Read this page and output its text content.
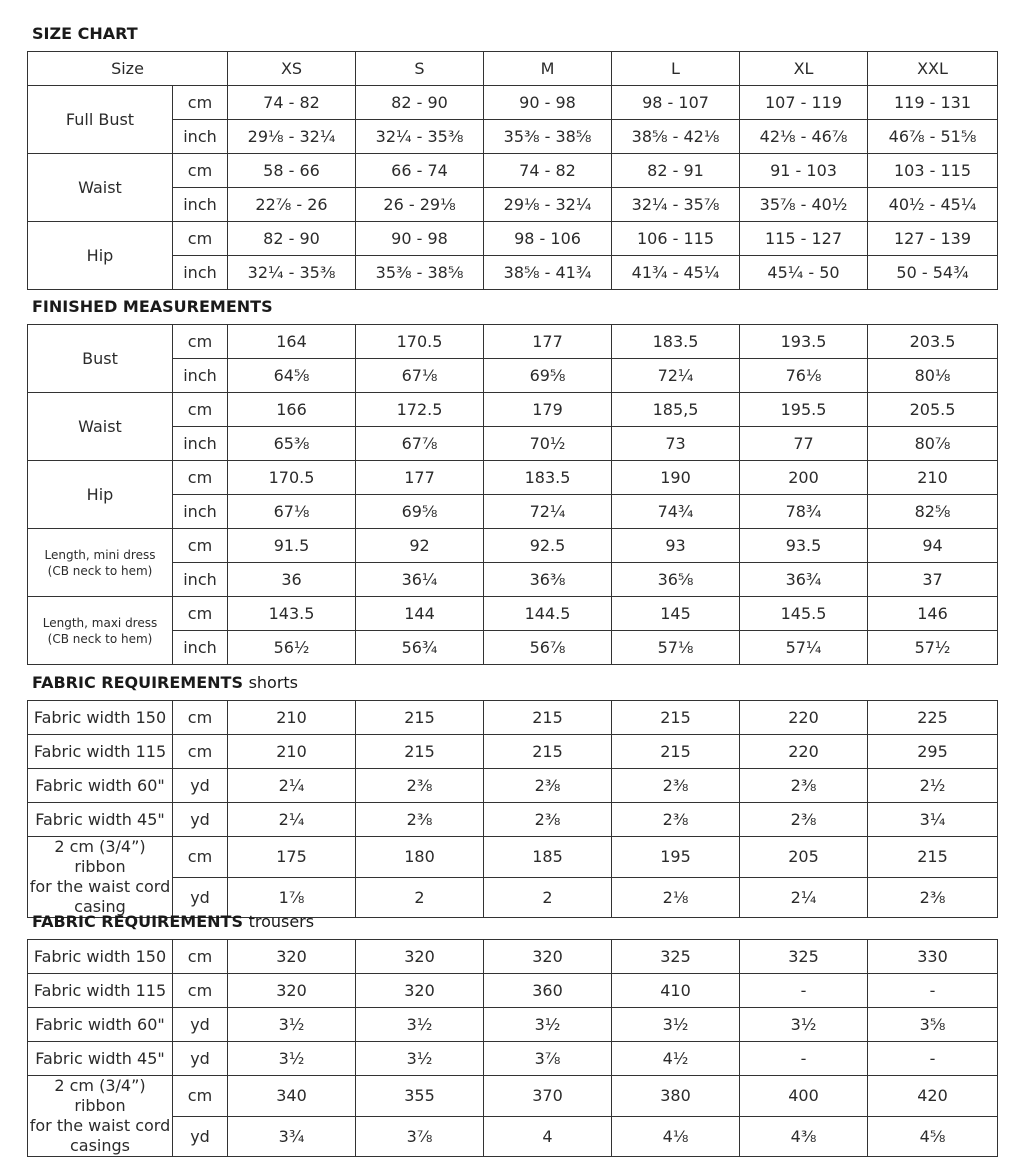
SIZE CHART
Size		XS	S	M	L	XL	XXL
Full Bust	cm	74 - 82	82 - 90	90 - 98	98 - 107	107 - 119	119 - 131
	inch	29⅛ - 32¼	32¼ - 35⅜	35⅜ - 38⅝	38⅝ - 42⅛	42⅛ - 46⅞	46⅞ - 51⅝
Waist	cm	58 - 66	66 - 74	74 - 82	82 - 91	91 - 103	103 - 115
	inch	22⅞ - 26	26 - 29⅛	29⅛ - 32¼	32¼ - 35⅞	35⅞ - 40½	40½ - 45¼
Hip	cm	82 - 90	90 - 98	98 - 106	106 - 115	115 - 127	127 - 139
	inch	32¼ - 35⅜	35⅜ - 38⅝	38⅝ - 41¾	41¾ - 45¼	45¼ - 50	50 - 54¾
FINISHED MEASUREMENTS
Bust	cm	164	170.5	177	183.5	193.5	203.5
	inch	64⅝	67⅛	69⅝	72¼	76⅛	80⅛
Waist	cm	166	172.5	179	185,5	195.5	205.5
	inch	65⅜	67⅞	70½	73	77	80⅞
Hip	cm	170.5	177	183.5	190	200	210
	inch	67⅛	69⅝	72¼	74¾	78¾	82⅝

Length, mini dress
(CB neck to hem)	cm	91.5	92	92.5	93	93.5	94
	inch	36	36¼	36⅜	36⅝	36¾	37

Length, maxi dress
(CB neck to hem)	cm	143.5	144	144.5	145	145.5	146
	inch	56½	56¾	56⅞	57⅛	57¼	57½
FABRIC REQUIREMENTS shorts
Fabric width 150	cm	210	215	215	215	220	225
Fabric width 115	cm	210	215	215	215	220	295
Fabric width 60"	yd	2¼	2⅜	2⅜	2⅜	2⅜	2½
Fabric width 45"	yd	2¼	2⅜	2⅜	2⅜	2⅜	3¼

2 cm (3/4”) ribbon
for the waist cord
casing	cm	175	180	185	195	205	215
	yd	1⅞	2	2	2⅛	2¼	2⅜
FABRIC REQUIREMENTS trousers
Fabric width 150	cm	320	320	320	325	325	330
Fabric width 115	cm	320	320	360	410	-	-
Fabric width 60"	yd	3½	3½	3½	3½	3½	3⅝
Fabric width 45"	yd	3½	3½	3⅞	4½	-	-

2 cm (3/4”) ribbon
for the waist cord
casings	cm	340	355	370	380	400	420
	yd	3¾	3⅞	4	4⅛	4⅜	4⅝
